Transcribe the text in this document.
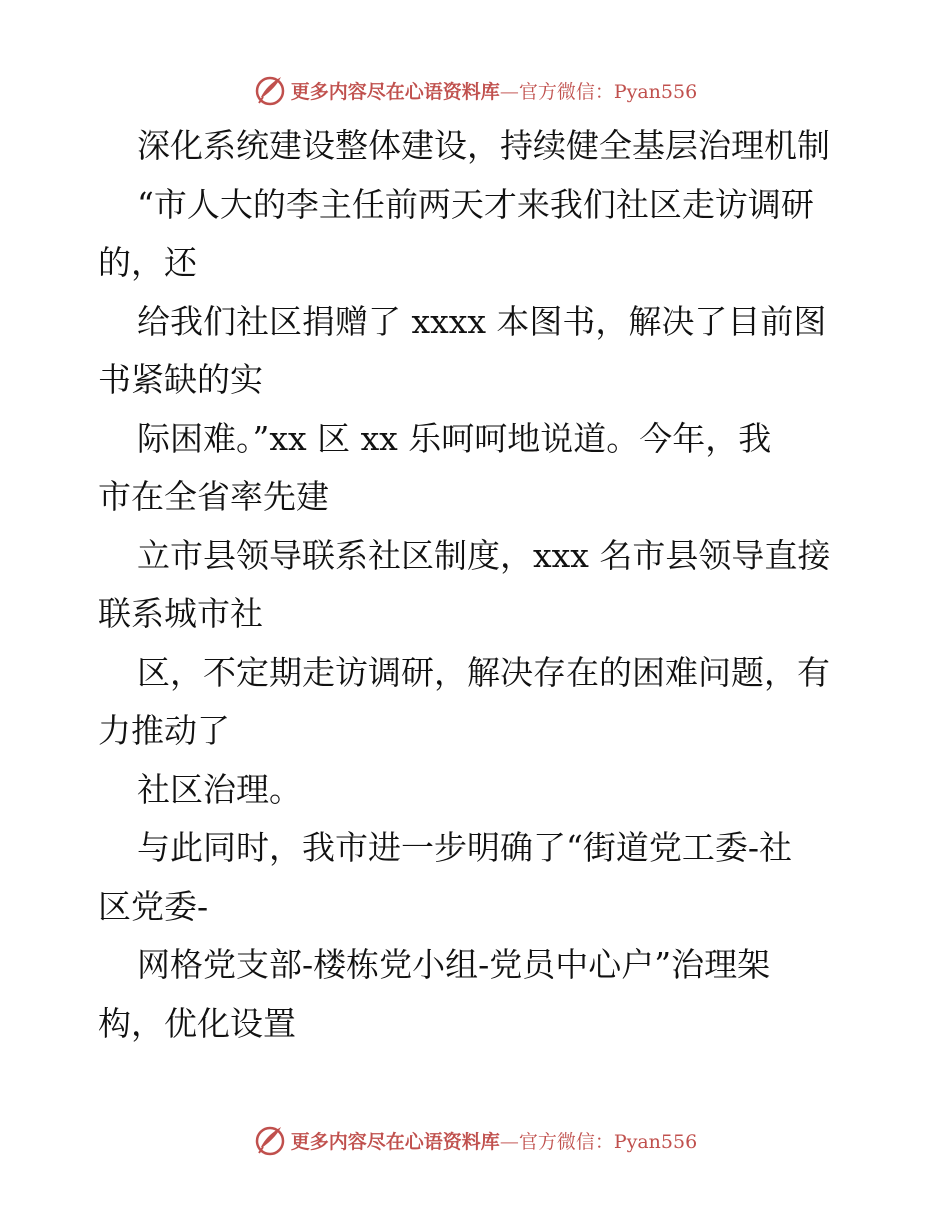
更多内容尽在心语资料库—官方微信：Pyan556
深化系统建设整体建设，持续健全基层治理机制
“市人大的李主任前两天才来我们社区走访调研
的，还
给我们社区捐赠了 xxxx 本图书，解决了目前图
书紧缺的实
际困难。”xx 区 xx 乐呵呵地说道。今年，我
市在全省率先建
立市县领导联系社区制度，xxx 名市县领导直接
联系城市社
区，不定期走访调研，解决存在的困难问题，有
力推动了
社区治理。
与此同时，我市进一步明确了“街道党工委-社
区党委-
网格党支部-楼栋党小组-党员中心户”治理架
构，优化设置
更多内容尽在心语资料库—官方微信：Pyan556
